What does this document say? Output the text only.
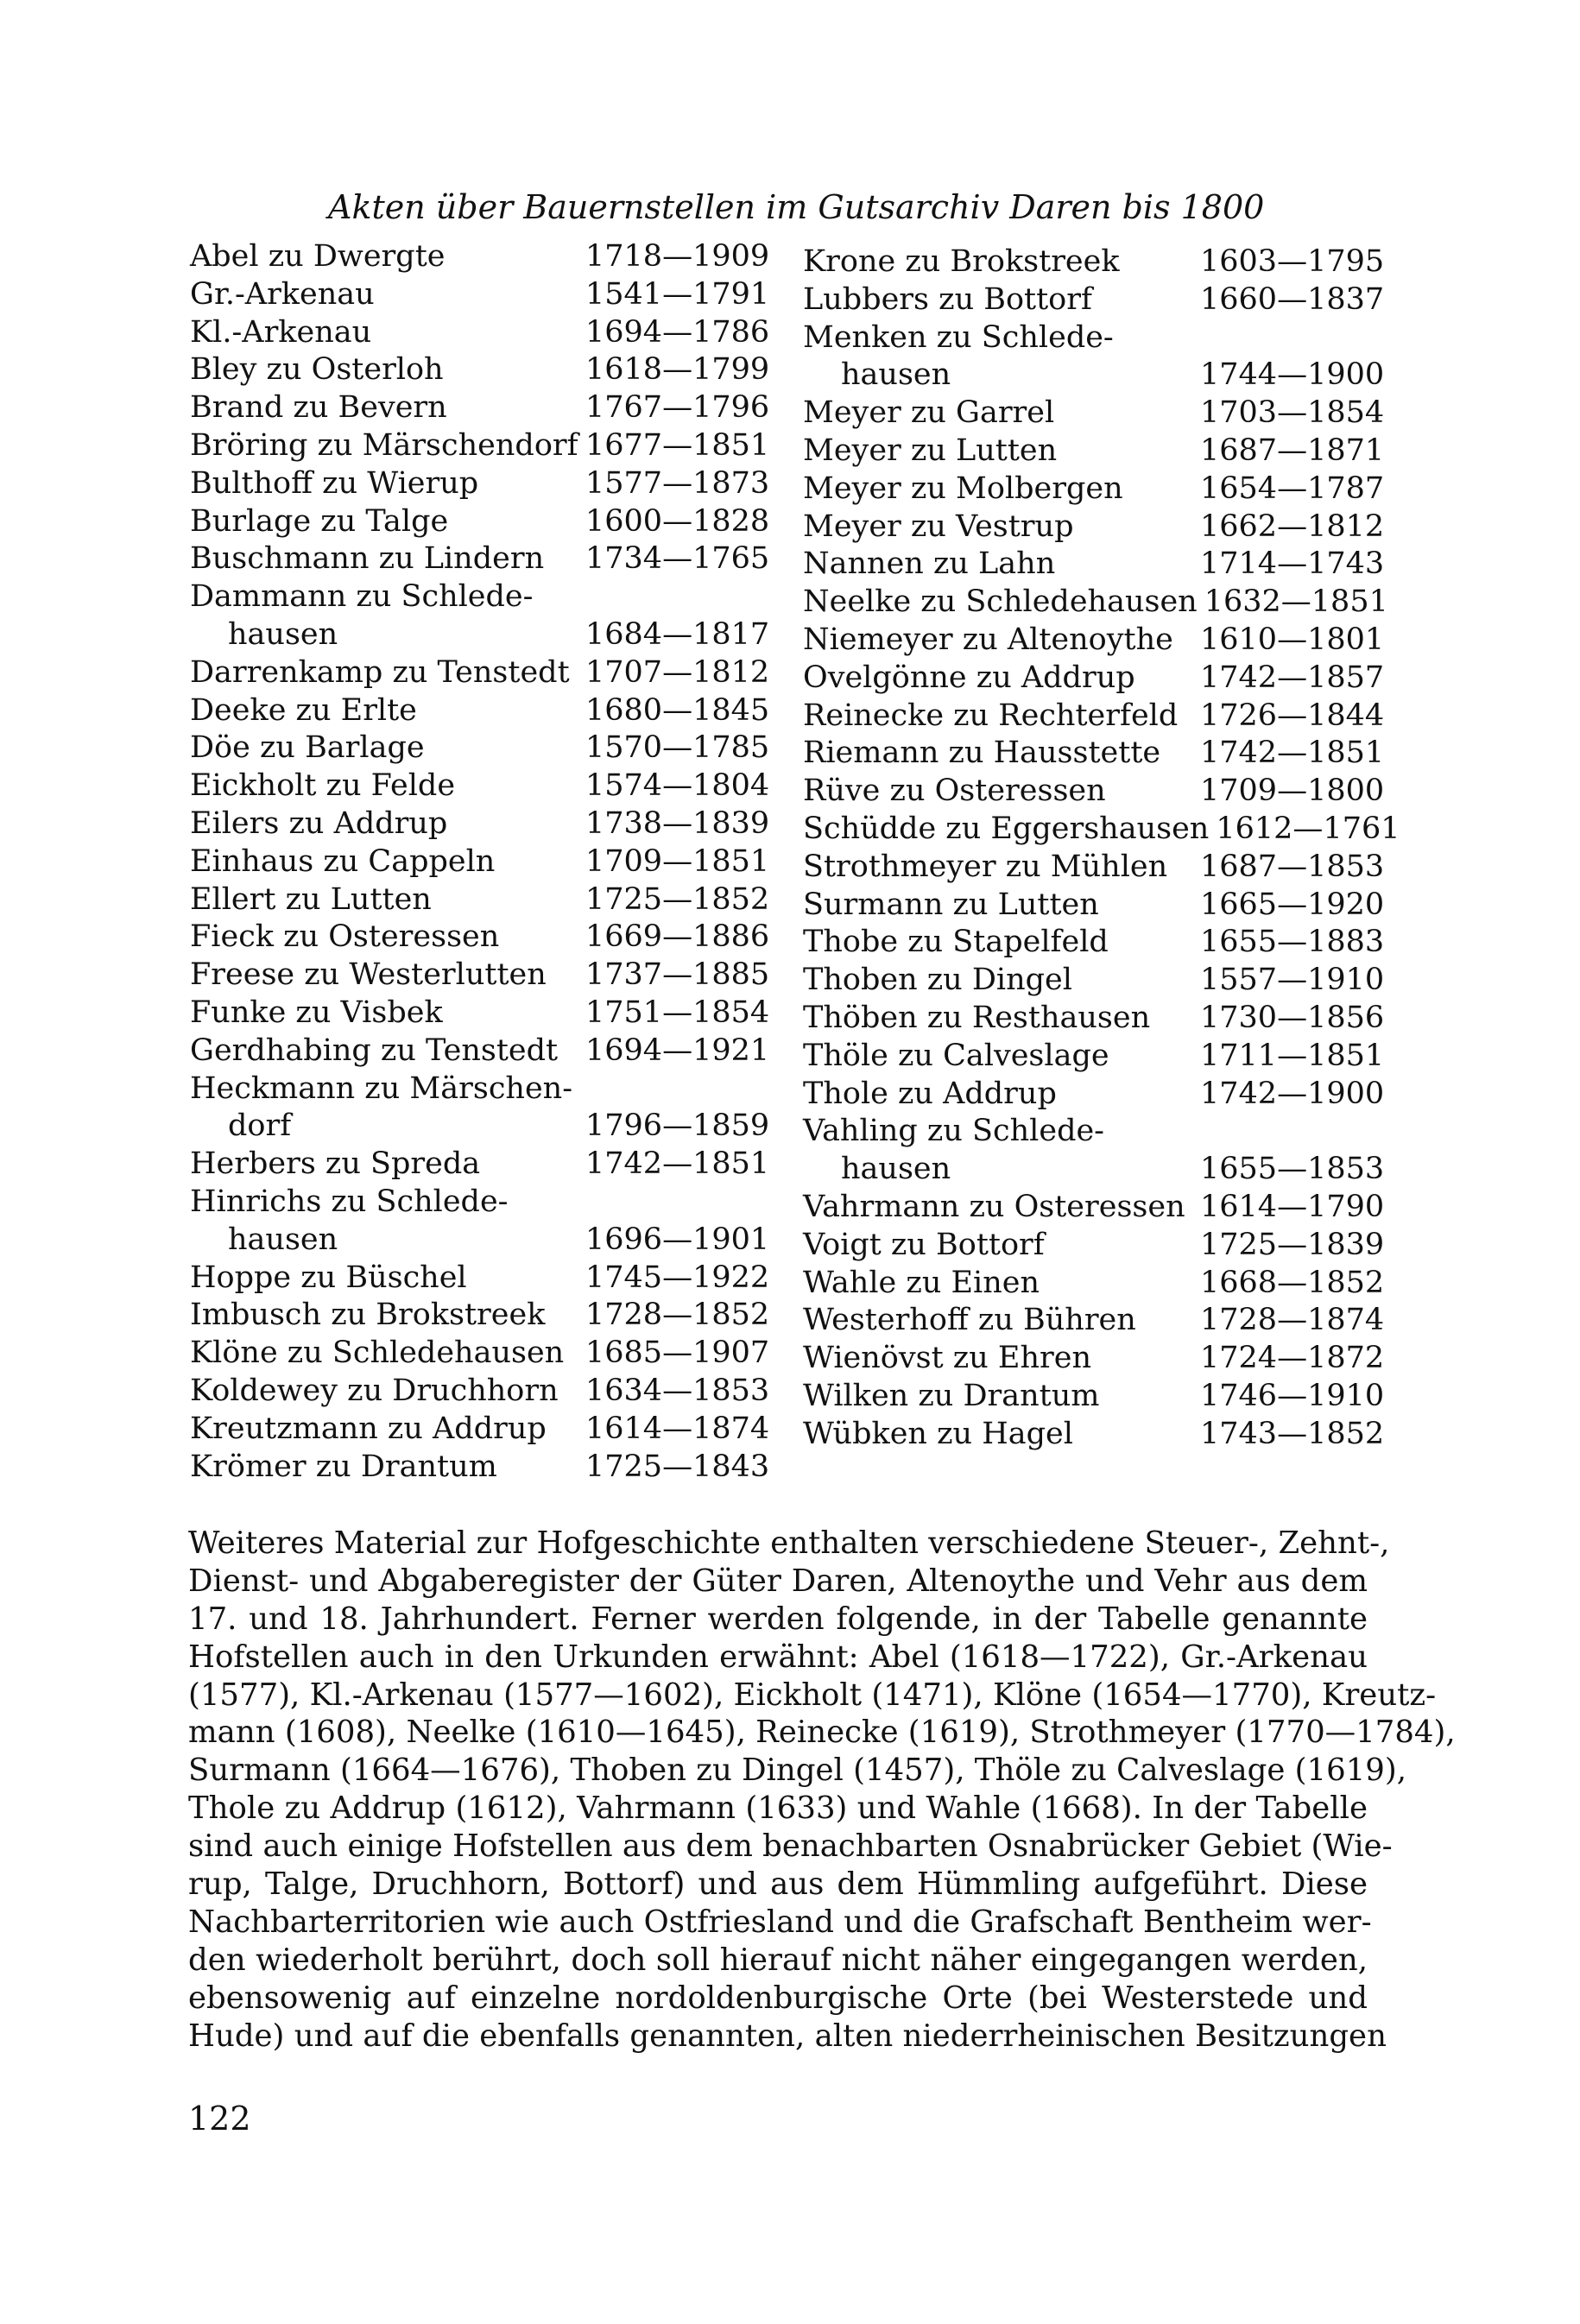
Akten über Bauernstellen im Gutsarchiv Daren bis 1800
Abel zu Dwergte	1718—1909
Gr.-Arkenau	1541—1791
Kl.-Arkenau	1694—1786
Bley zu Osterloh	1618—1799
Brand zu Bevern	1767—1796
Bröring zu Märschendorf 1677—1851
Bulthoff zu Wierup	1577—1873
Burlage zu Talge	1600—1828
Buschmann zu Lindern	1734—1765
Dammann zu Schlede-
hausen	1684—1817
Darrenkamp zu Tenstedt 1707—1812
Deeke zu Erlte	1680—1845
Döe zu Barlage	1570—1785
Eickholt zu Felde	1574—1804
Eilers zu Addrup	1738—1839
Einhaus zu Cappeln	1709—1851
Ellert zu Lutten	1725—1852
Fieck zu Osteressen	1669—1886
Freese zu Westerlutten	1737—1885
Funke zu Visbek	1751—1854
Gerdhabing zu Tenstedt 1694—1921
Heckmann zu Märschen-
dorf	1796—1859
Herbers zu Spreda	1742—1851
Hinrichs zu Schlede-
hausen	1696—1901
Hoppe zu Büschel	1745—1922
Imbusch zu Brokstreek	1728—1852
Klöne zu Schledehausen 1685—1907
Koldewey zu Druchhorn 1634—1853
Kreutzmann zu Addrup	1614—1874
Krömer zu Drantum	1725—1843
Krone zu Brokstreek	1603—1795
Lubbers zu Bottorf	1660—1837
Menken zu Schlede-
hausen	1744—1900
Meyer zu Garrel	1703—1854
Meyer zu Lutten	1687—1871
Meyer zu Molbergen	1654—1787
Meyer zu Vestrup	1662—1812
Nannen zu Lahn	1714—1743
Neelke zu Schledehausen 1632—1851
Niemeyer zu Altenoythe 1610—1801
Ovelgönne zu Addrup	1742—1857
Reinecke zu Rechterfeld 1726—1844
Riemann zu Hausstette	1742—1851
Rüve zu Osteressen	1709—1800
Schüdde zu Eggershausen 1612—1761
Strothmeyer zu Mühlen	1687—1853
Surmann zu Lutten	1665—1920
Thobe zu Stapelfeld	1655—1883
Thoben zu Dingel	1557—1910
Thöben zu Resthausen	1730—1856
Thöle zu Calveslage	1711—1851
Thole zu Addrup	1742—1900
Vahling zu Schlede-
hausen	1655—1853
Vahrmann zu Osteressen 1614—1790
Voigt zu Bottorf	1725—1839
Wahle zu Einen	1668—1852
Westerhoff zu Bühren	1728—1874
Wienövst zu Ehren	1724—1872
Wilken zu Drantum	1746—1910
Wübken zu Hagel	1743—1852
Weiteres Material zur Hofgeschichte enthalten verschiedene Steuer-, Zehnt-,
Dienst- und Abgaberegister der Güter Daren, Altenoythe und Vehr aus dem
17. und 18. Jahrhundert. Ferner werden folgende, in der Tabelle genannte
Hofstellen auch in den Urkunden erwähnt: Abel (1618—1722), Gr.-Arkenau
(1577), Kl.-Arkenau (1577—1602), Eickholt (1471), Klöne (1654—1770), Kreutz-
mann (1608), Neelke (1610—1645), Reinecke (1619), Strothmeyer (1770—1784),
Surmann (1664—1676), Thoben zu Dingel (1457), Thöle zu Calveslage (1619),
Thole zu Addrup (1612), Vahrmann (1633) und Wahle (1668). In der Tabelle
sind auch einige Hofstellen aus dem benachbarten Osnabrücker Gebiet (Wie-
rup, Talge, Druchhorn, Bottorf) und aus dem Hümmling aufgeführt. Diese
Nachbarterritorien wie auch Ostfriesland und die Grafschaft Bentheim wer-
den wiederholt berührt, doch soll hierauf nicht näher eingegangen werden,
ebensowenig auf einzelne nordoldenburgische Orte (bei Westerstede und
Hude) und auf die ebenfalls genannten, alten niederrheinischen Besitzungen
122
